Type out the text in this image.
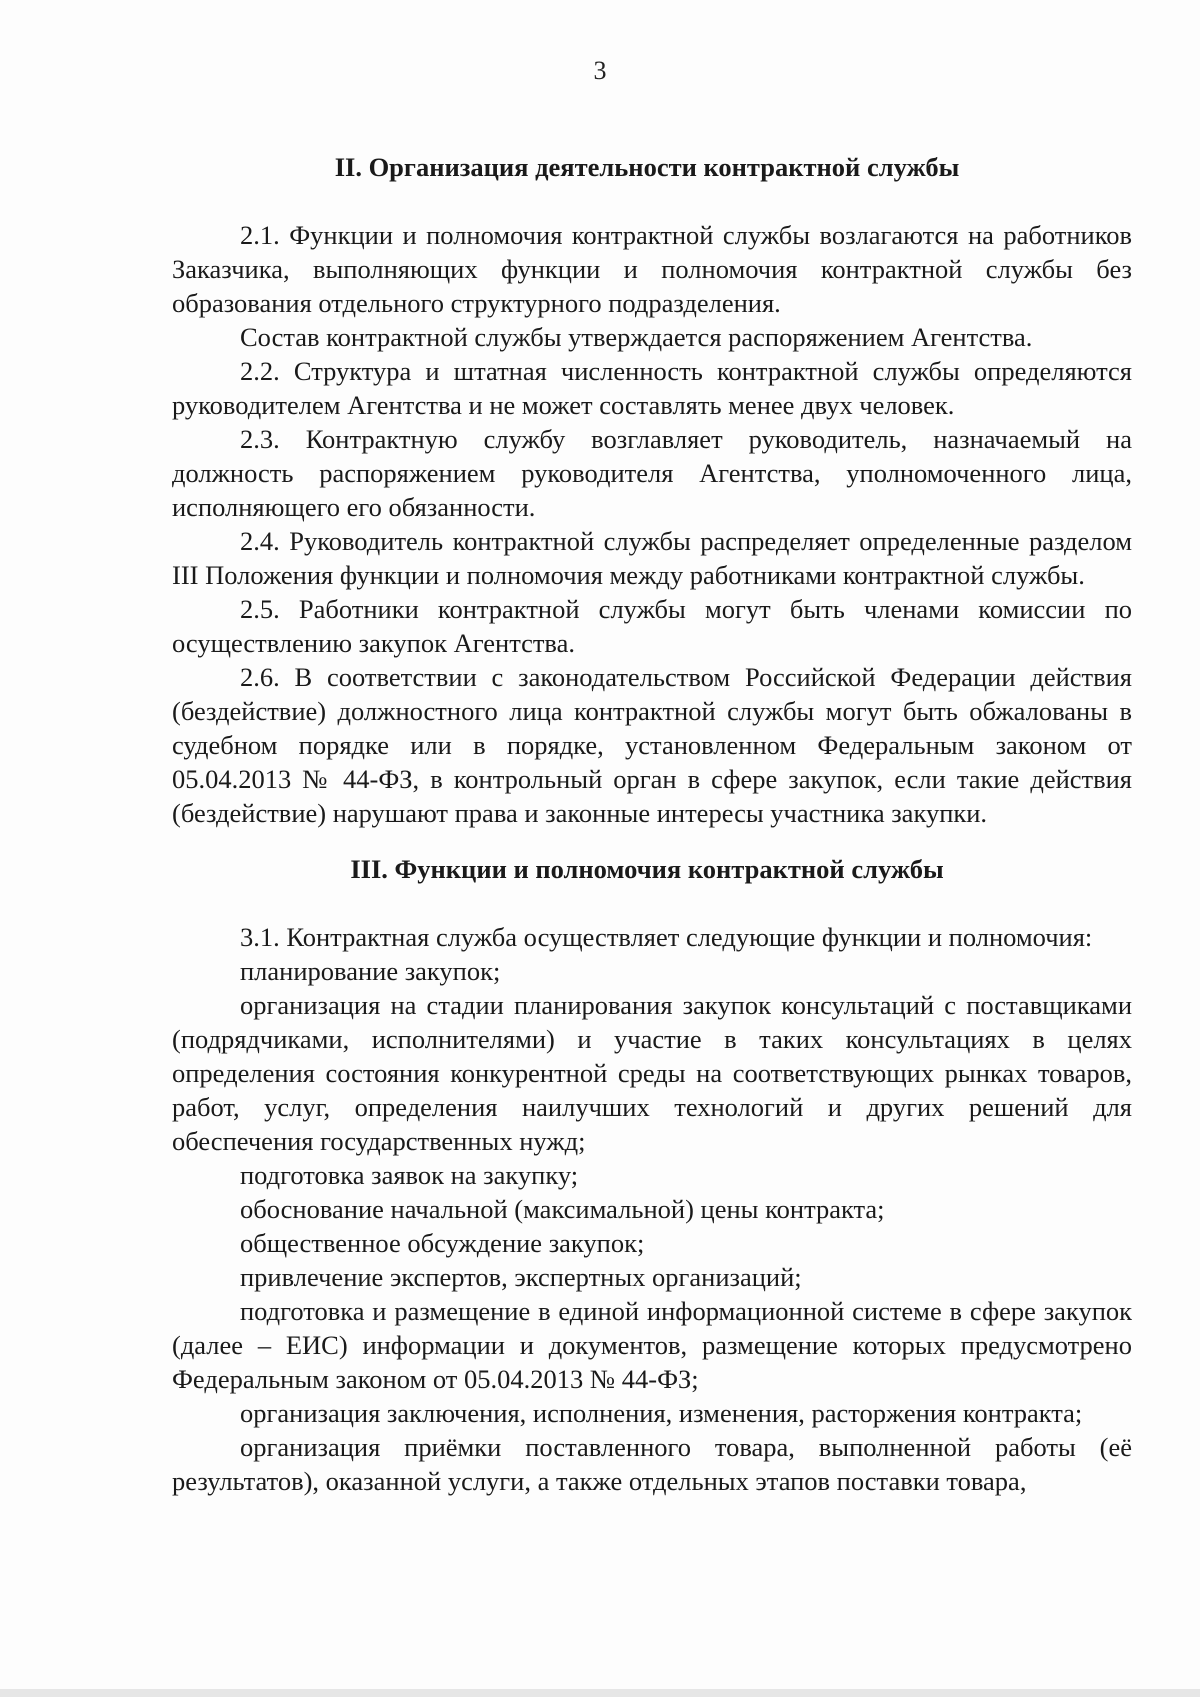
3
II. Организация деятельности контрактной службы

2.1. Функции и полномочия контрактной службы возлагаются на работников Заказчика, выполняющих функции и полномочия контрактной службы без образования отдельного структурного подразделения.

Состав контрактной службы утверждается распоряжением Агентства.

2.2. Структура и штатная численность контрактной службы определяются руководителем Агентства и не может составлять менее двух человек.

2.3. Контрактную службу возглавляет руководитель, назначаемый на должность распоряжением руководителя Агентства, уполномоченного лица, исполняющего его обязанности.

2.4. Руководитель контрактной службы распределяет определенные разделом III Положения функции и полномочия между работниками контрактной службы.

2.5. Работники контрактной службы могут быть членами комиссии по осуществлению закупок Агентства.

2.6. В соответствии с законодательством Российской Федерации действия (бездействие) должностного лица контрактной службы могут быть обжалованы в судебном порядке или в порядке, установленном Федеральным законом от 05.04.2013 № 44-ФЗ, в контрольный орган в сфере закупок, если такие действия (бездействие) нарушают права и законные интересы участника закупки.

III. Функции и полномочия контрактной службы

3.1. Контрактная служба осуществляет следующие функции и полномочия:

планирование закупок;

организация на стадии планирования закупок консультаций с поставщиками (подрядчиками, исполнителями) и участие в таких консультациях в целях определения состояния конкурентной среды на соответствующих рынках товаров, работ, услуг, определения наилучших технологий и других решений для обеспечения государственных нужд;

подготовка заявок на закупку;

обоснование начальной (максимальной) цены контракта;

общественное обсуждение закупок;

привлечение экспертов, экспертных организаций;

подготовка и размещение в единой информационной системе в сфере закупок (далее – ЕИС) информации и документов, размещение которых предусмотрено Федеральным законом от 05.04.2013 № 44-ФЗ;

организация заключения, исполнения, изменения, расторжения контракта;

организация приёмки поставленного товара, выполненной работы (её результатов), оказанной услуги, а также отдельных этапов поставки товара,
